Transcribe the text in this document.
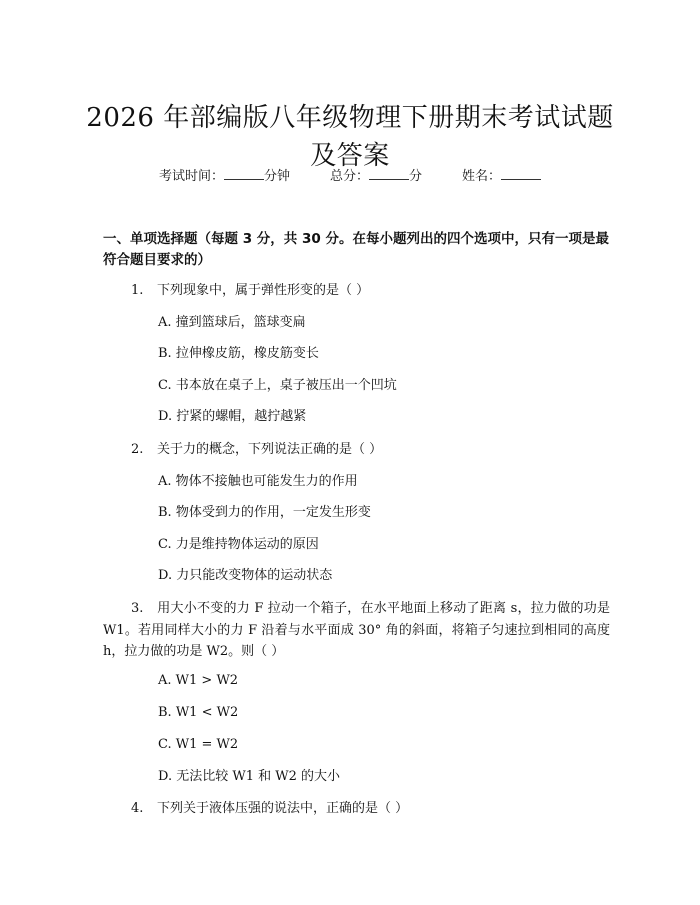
2026 年部编版八年级物理下册期末考试试题及答案
考试时间：	分钟	总分：	分	姓名：
一、单项选择题（每题 3 分，共 30 分。在每小题列出的四个选项中，只有一项是最符合题目要求的）
1. 下列现象中，属于弹性形变的是（ ）
A. 撞到篮球后，篮球变扁
B. 拉伸橡皮筋，橡皮筋变长
C. 书本放在桌子上，桌子被压出一个凹坑
D. 拧紧的螺帽，越拧越紧
2. 关于力的概念，下列说法正确的是（ ）
A. 物体不接触也可能发生力的作用
B. 物体受到力的作用，一定发生形变
C. 力是维持物体运动的原因
D. 力只能改变物体的运动状态
3. 用大小不变的力 F 拉动一个箱子，在水平地面上移动了距离 s，拉力做的功是 W1。若用同样大小的力 F 沿着与水平面成 30° 角的斜面，将箱子匀速拉到相同的高度 h，拉力做的功是 W2。则（ ）
A. W1 > W2
B. W1 < W2
C. W1 = W2
D. 无法比较 W1 和 W2 的大小
4. 下列关于液体压强的说法中，正确的是（ ）
